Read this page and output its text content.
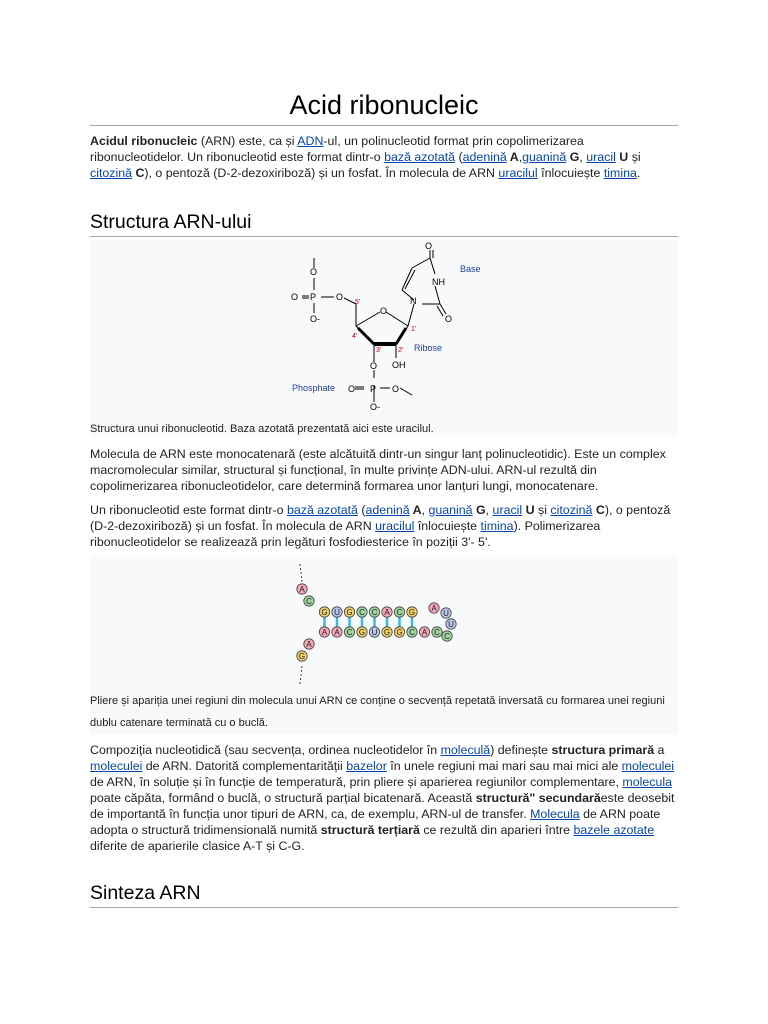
Acid ribonucleic

Acidul ribonucleic (ARN) este, ca și ADN-ul, un polinucleotid format prin copolimerizarea ribonucleotidelor. Un ribonucleotid este format dintr-o bază azotată (adenină A,guanină G, uracil U și citozină C), o pentoză (D-2-dezoxiriboză) și un fosfat. În molecula de ARN uracilul înlocuiește timina.

Structura ARN-ului
P
O
O
O-
O
5'
O
4'
1'
3' 2'
N
O
NH
O
O OH
P
O	O
O-
Base
Ribose
Phosphate
Structura unui ribonucleotid. Baza azotată prezentată aici este uracilul.

Molecula de ARN este monocatenară (este alcătuită dintr-un singur lanț polinucleotidic). Este un complex macromolecular similar, structural și funcțional, în multe privințe ADN-ului. ARN-ul rezultă din copolimerizarea ribonucleotidelor, care determină formarea unor lanțuri lungi, monocatenare.

Un ribonucleotid este format dintr-o bază azotată (adenină A, guanină G, uracil U și citozină C), o pentoză (D-2-dezoxiriboză) și un fosfat. În molecula de ARN uracilul înlocuiește timina). Polimerizarea ribonucleotidelor se realizează prin legături fosfodiesterice în poziții 3'- 5'.

A
C
G U G C C A C G
C
A
C
G
G
U
G
C
A
A
A
U
U
C
A
G
Pliere și apariția unei regiuni din molecula unui ARN ce conține o secvență repetată inversată cu formarea unei regiuni dublu catenare terminată cu o buclă.

Compoziția nucleotidică (sau secvența, ordinea nucleotidelor în moleculă) definește structura primară a moleculei de ARN. Datorită complementarității bazelor în unele regiuni mai mari sau mai mici ale moleculei de ARN, în soluție și în funcție de temperatură, prin pliere și aparierea regiunilor complementare, molecula poate căpăta, formând o buclă, o structură parțial bicatenară. Această structură" secundarăeste deosebit de importantă în funcția unor tipuri de ARN, ca, de exemplu, ARN-ul de transfer. Molecula de ARN poate adopta o structură tridimensională numită structură terțiară ce rezultă din aparieri între bazele azotate diferite de aparierile clasice A-T și C-G.

Sinteza ARN
